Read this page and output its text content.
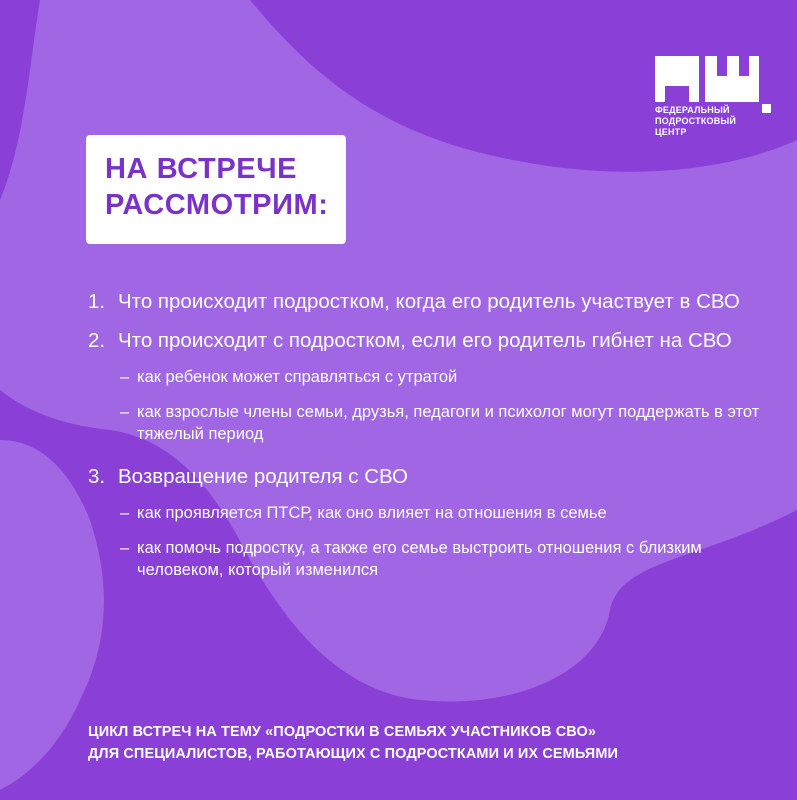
ФЕДЕРАЛЬНЫЙ
ПОДРОСТКОВЫЙ
ЦЕНТР
НА ВСТРЕЧЕ
РАССМОТРИМ:
1. Что происходит подростком, когда его родитель участвует в СВО
2. Что происходит с подростком, если его родитель гибнет на СВО
– как ребенок может справляться с утратой
– как взрослые члены семьи, друзья, педагоги и психолог могут поддержать в этот тяжелый период
3. Возвращение родителя с СВО
– как проявляется ПТСР, как оно влияет на отношения в семье
– как помочь подростку, а также его семье выстроить отношения с близким человеком, который изменился
ЦИКЛ ВСТРЕЧ НА ТЕМУ «ПОДРОСТКИ В СЕМЬЯХ УЧАСТНИКОВ СВО»
ДЛЯ СПЕЦИАЛИСТОВ, РАБОТАЮЩИХ С ПОДРОСТКАМИ И ИХ СЕМЬЯМИ
